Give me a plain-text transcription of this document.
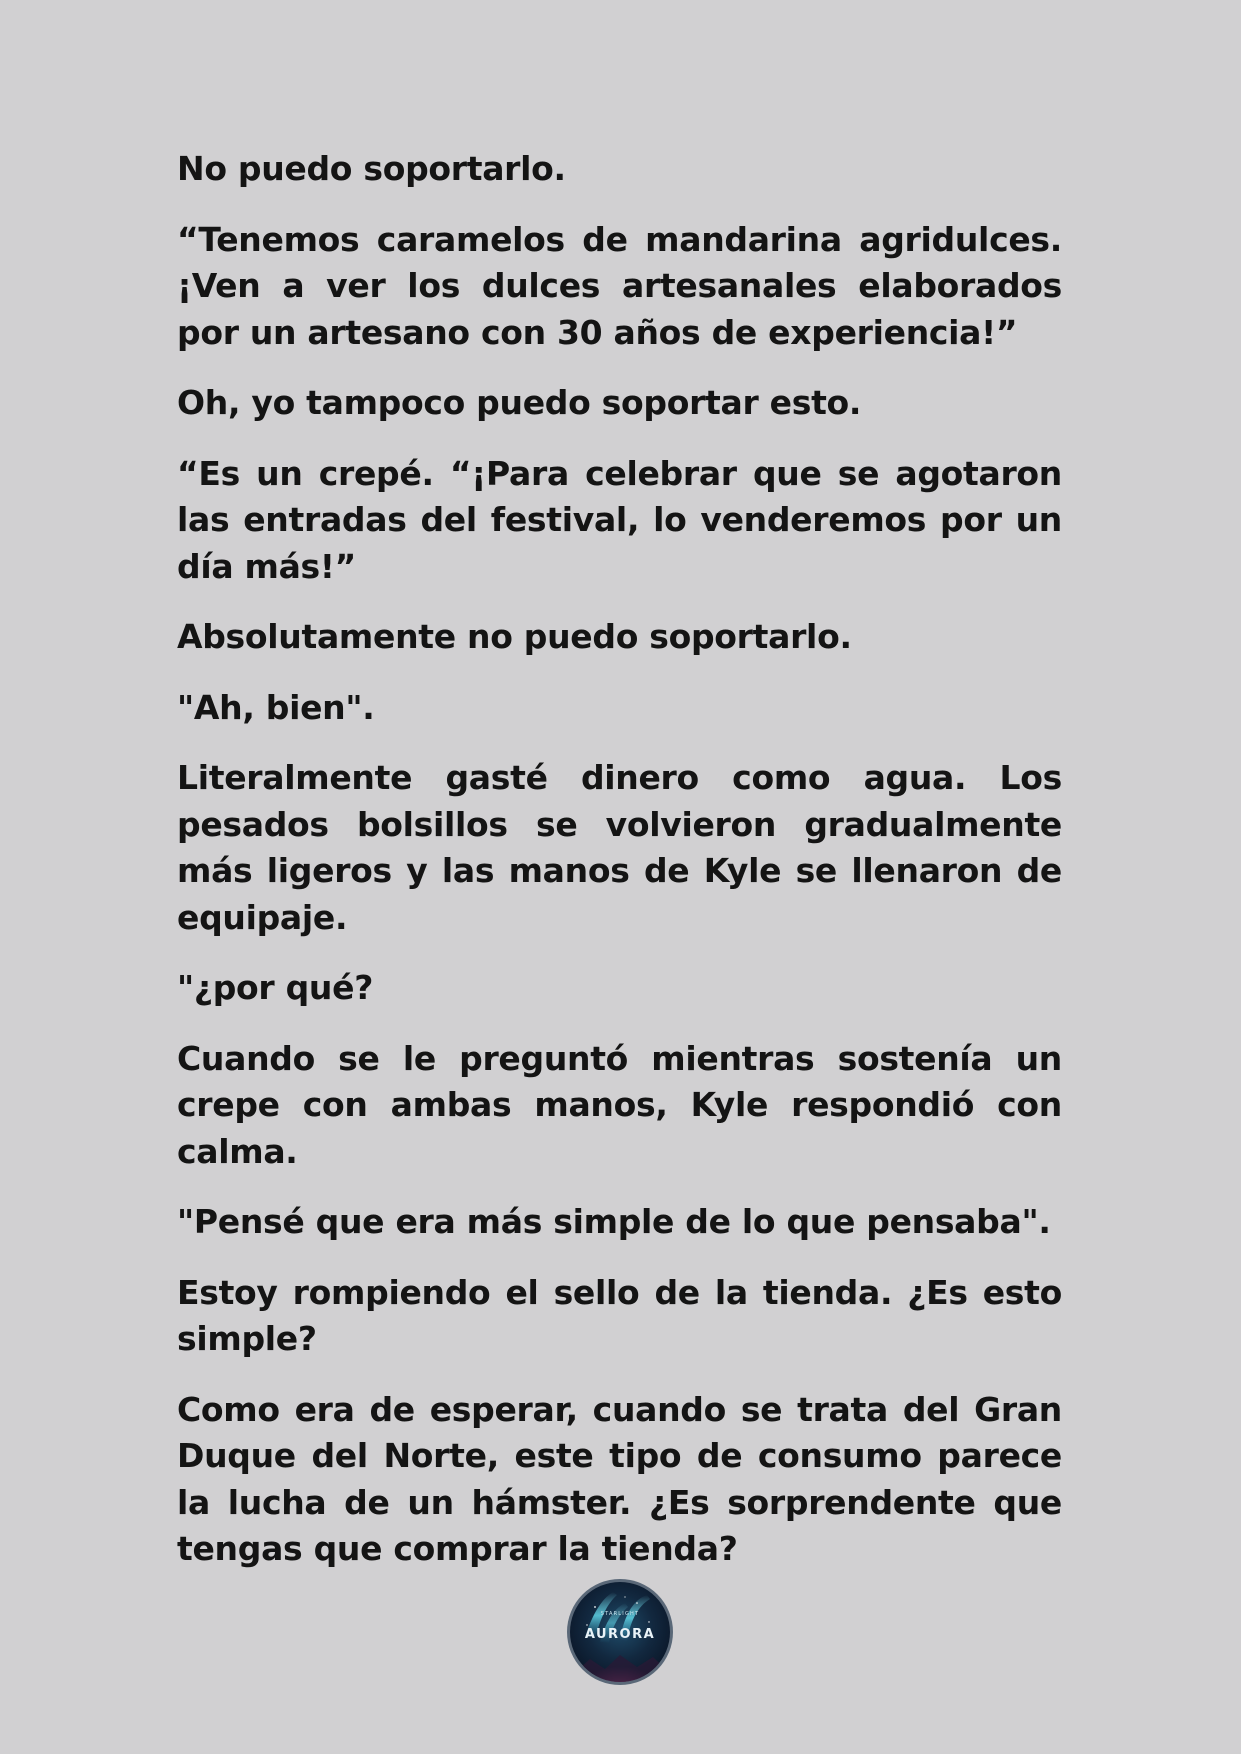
No puedo soportarlo.

“Tenemos caramelos de mandarina agridulces. ¡Ven a ver los dulces artesanales elaborados por un artesano con 30 años de experiencia!”

Oh, yo tampoco puedo soportar esto.

“Es un crepé. “¡Para celebrar que se agotaron las entradas del festival, lo venderemos por un día más!”

Absolutamente no puedo soportarlo.

"Ah, bien".

Literalmente gasté dinero como agua. Los pesados bolsillos se volvieron gradualmente más ligeros y las manos de Kyle se llenaron de equipaje.

"¿por qué?

Cuando se le preguntó mientras sostenía un crepe con ambas manos, Kyle respondió con calma.

"Pensé que era más simple de lo que pensaba".

Estoy rompiendo el sello de la tienda. ¿Es esto simple?

Como era de esperar, cuando se trata del Gran Duque del Norte, este tipo de consumo parece la lucha de un hámster. ¿Es sorprendente que tengas que comprar la tienda?

STARLIGHT
AURORA
